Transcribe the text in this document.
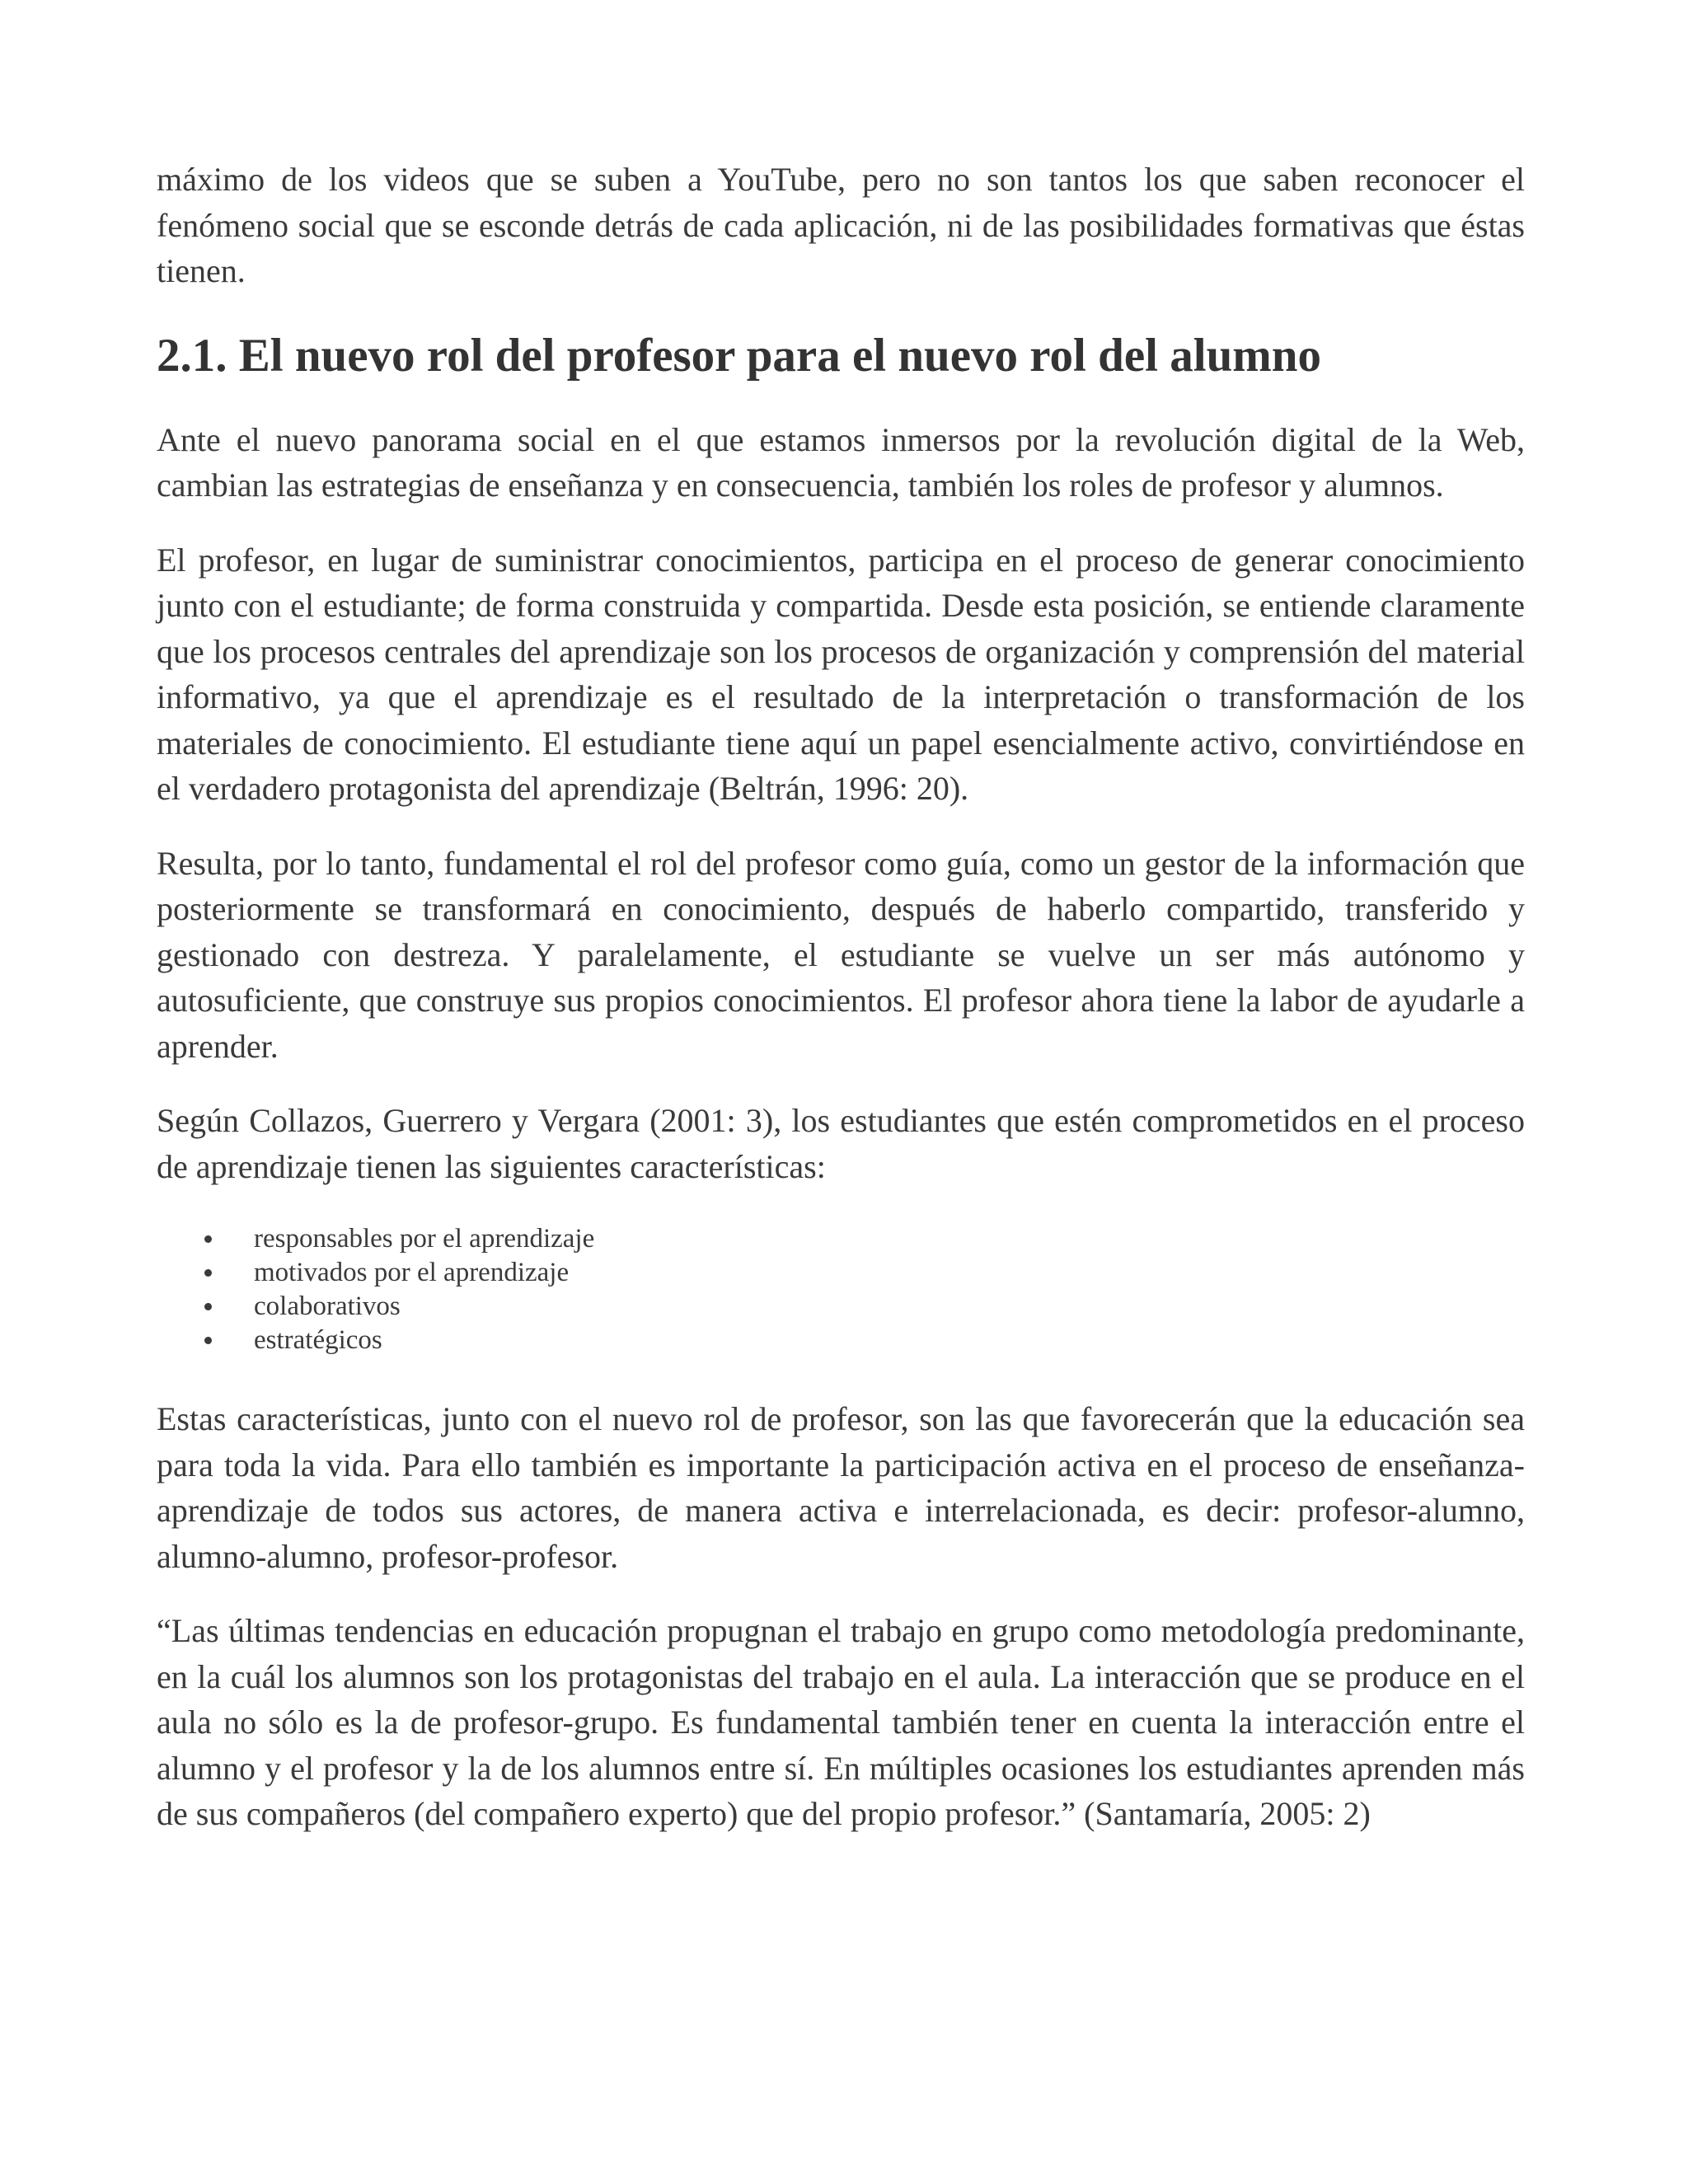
máximo de los videos que se suben a YouTube, pero no son tantos los que saben reconocer el fenómeno social que se esconde detrás de cada aplicación, ni de las posibilidades formativas que éstas tienen.

2.1. El nuevo rol del profesor para el nuevo rol del alumno

Ante el nuevo panorama social en el que estamos inmersos por la revolución digital de la Web, cambian las estrategias de enseñanza y en consecuencia, también los roles de profesor y alumnos.

El profesor, en lugar de suministrar conocimientos, participa en el proceso de generar conocimiento junto con el estudiante; de forma construida y compartida. Desde esta posición, se entiende claramente que los procesos centrales del aprendizaje son los procesos de organización y comprensión del material informativo, ya que el aprendizaje es el resultado de la interpretación o transformación de los materiales de conocimiento. El estudiante tiene aquí un papel esencialmente activo, convirtiéndose en el verdadero protagonista del aprendizaje (Beltrán, 1996: 20).

Resulta, por lo tanto, fundamental el rol del profesor como guía, como un gestor de la información que posteriormente se transformará en conocimiento, después de haberlo compartido, transferido y gestionado con destreza. Y paralelamente, el estudiante se vuelve un ser más autónomo y autosuficiente, que construye sus propios conocimientos. El profesor ahora tiene la labor de ayudarle a aprender.

Según Collazos, Guerrero y Vergara (2001: 3), los estudiantes que estén comprometidos en el proceso de aprendizaje tienen las siguientes características:

responsables por el aprendizaje
motivados por el aprendizaje
colaborativos
estratégicos

Estas características, junto con el nuevo rol de profesor, son las que favorecerán que la educación sea para toda la vida. Para ello también es importante la participación activa en el proceso de enseñanza-aprendizaje de todos sus actores, de manera activa e interrelacionada, es decir: profesor-alumno, alumno-alumno, profesor-profesor.

“Las últimas tendencias en educación propugnan el trabajo en grupo como metodología predominante, en la cuál los alumnos son los protagonistas del trabajo en el aula. La interacción que se produce en el aula no sólo es la de profesor-grupo. Es fundamental también tener en cuenta la interacción entre el alumno y el profesor y la de los alumnos entre sí. En múltiples ocasiones los estudiantes aprenden más de sus compañeros (del compañero experto) que del propio profesor.” (Santamaría, 2005: 2)
